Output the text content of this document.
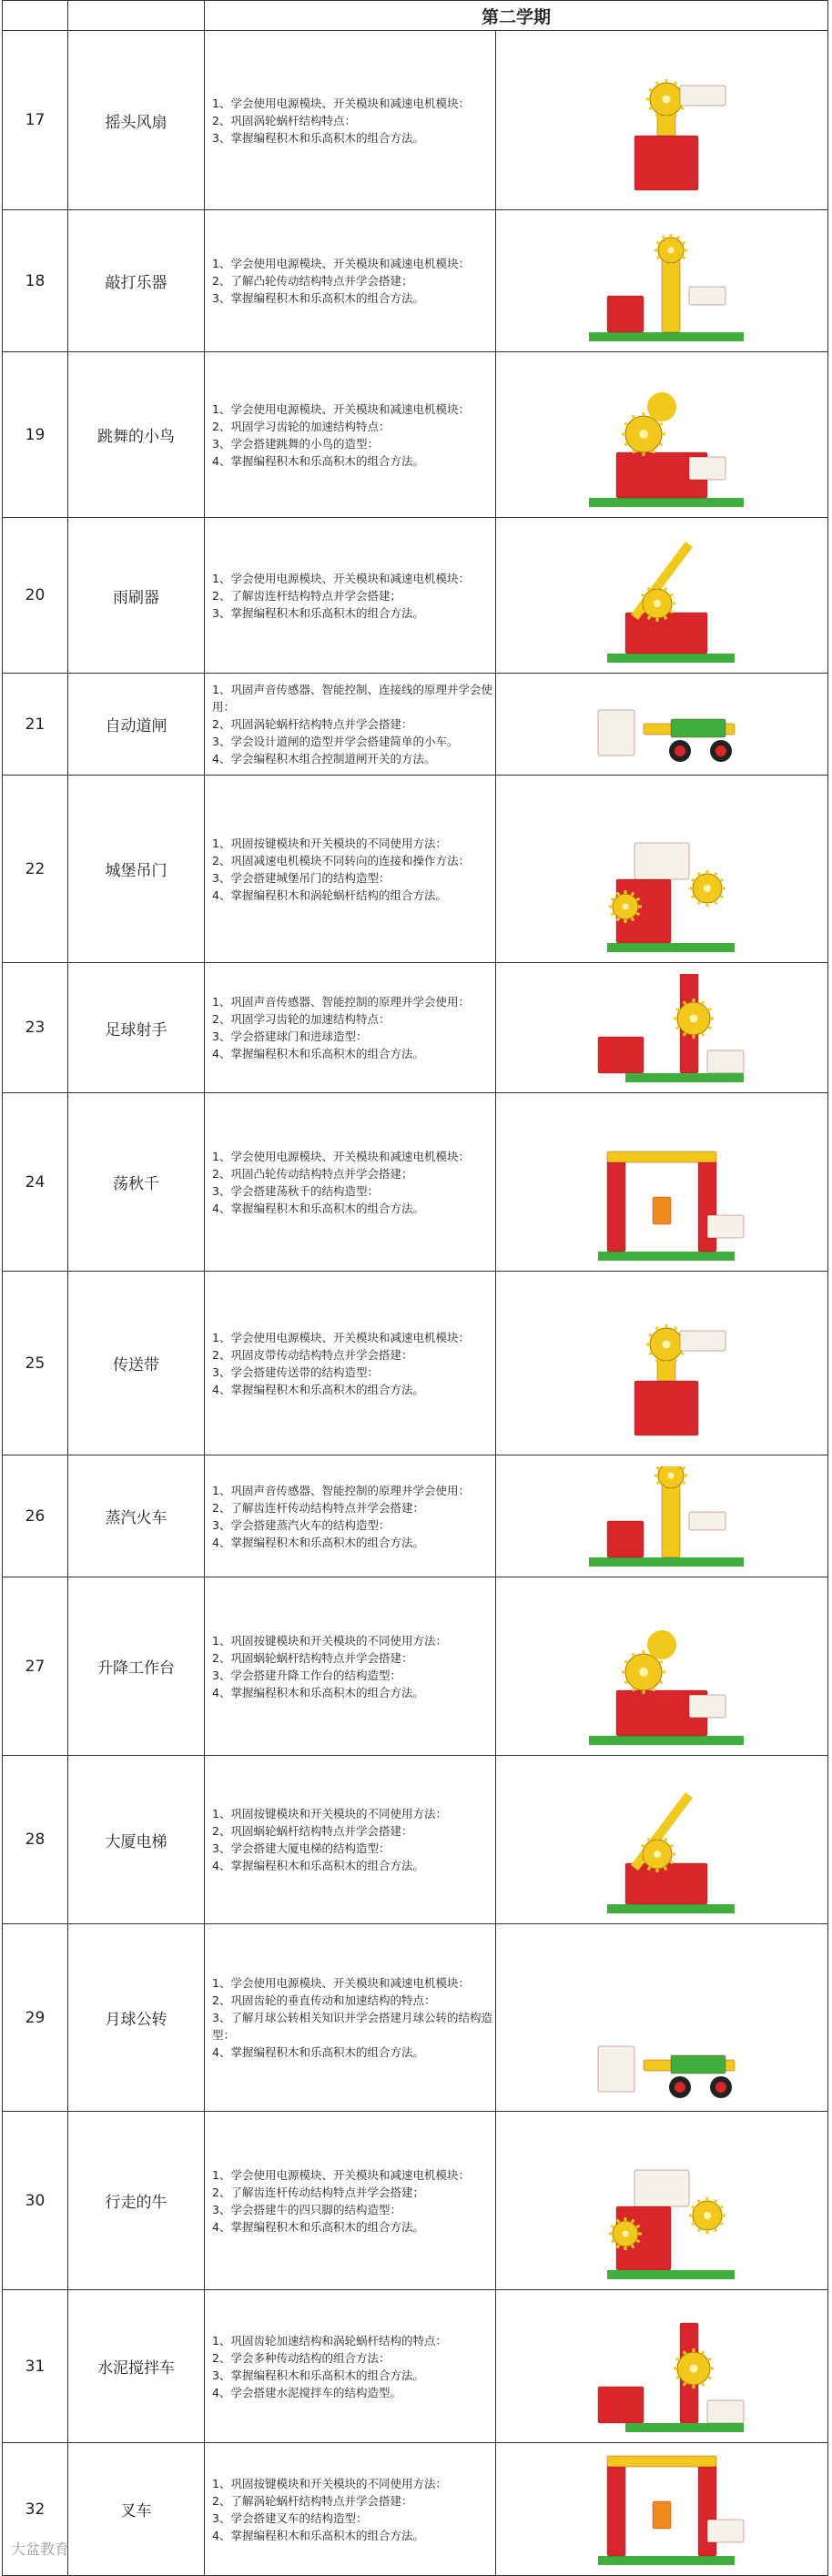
		第二学期	
17	摇头风扇	1、学会使用电源模块、开关模块和减速电机模块：
2、巩固涡轮蜗杆结构特点：
3、掌握编程积木和乐高积木的组合方法。

18	敲打乐器	1、学会使用电源模块、开关模块和减速电机模块：
2、了解凸轮传动结构特点并学会搭建；
3、掌握编程积木和乐高积木的组合方法。

19	跳舞的小鸟	1、学会使用电源模块、开关模块和减速电机模块：
2、巩固学习齿轮的加速结构特点：
3、学会搭建跳舞的小鸟的造型：
4、掌握编程积木和乐高积木的组合方法。

20	雨刷器	1、学会使用电源模块、开关模块和减速电机模块：
2、了解齿连杆结构特点并学会搭建；
3、掌握编程积木和乐高积木的组合方法。

21	自动道闸	1、巩固声音传感器、智能控制、连接线的原理并学会使用：
2、巩固涡轮蜗杆结构特点并学会搭建：
3、学会设计道闸的造型并学会搭建简单的小车。
4、学会编程积木组合控制道闸开关的方法。

22	城堡吊门	1、巩固按键模块和开关模块的不同使用方法：
2、巩固减速电机模块不同转向的连接和操作方法：
3、学会搭建城堡吊门的结构造型：
4、掌握编程积木和涡轮蜗杆结构的组合方法。

23	足球射手	1、巩固声音传感器、智能控制的原理并学会使用：
2、巩固学习齿轮的加速结构特点：
3、学会搭建球门和进球造型：
4、掌握编程积木和乐高积木的组合方法。

24	荡秋千	1、学会使用电源模块、开关模块和减速电机模块：
2、巩固凸轮传动结构特点并学会搭建；
3、学会搭建荡秋千的结构造型：
4、掌握编程积木和乐高积木的组合方法。

25	传送带	1、学会使用电源模块、开关模块和减速电机模块：
2、巩固皮带传动结构特点并学会搭建：
3、学会搭建传送带的结构造型：
4、掌握编程积木和乐高积木的组合方法。

26	蒸汽火车	1、巩固声音传感器、智能控制的原理并学会使用：
2、了解齿连杆传动结构特点并学会搭建：
3、学会搭建蒸汽火车的结构造型：
4、掌握编程积木和乐高积木的组合方法。

27	升降工作台	1、巩固按键模块和开关模块的不同使用方法：
2、巩固蜗轮蜗杆结构特点并学会搭建：
3、学会搭建升降工作台的结构造型：
4、掌握编程积木和乐高积木的组合方法。

28	大厦电梯	1、巩固按键模块和开关模块的不同使用方法：
2、巩固蜗轮蜗杆结构特点并学会搭建：
3、学会搭建大厦电梯的结构造型：
4、掌握编程积木和乐高积木的组合方法。

29	月球公转	1、学会使用电源模块、开关模块和减速电机模块：
2、巩固齿轮的垂直传动和加速结构的特点：
3、了解月球公转相关知识并学会搭建月球公转的结构造型：
4、掌握编程积木和乐高积木的组合方法。

30	行走的牛	1、学会使用电源模块、开关模块和减速电机模块：
2、了解齿连杆传动结构特点并学会搭建；
3、学会搭建牛的四只脚的结构造型：
4、掌握编程积木和乐高积木的组合方法。

31	水泥搅拌车	1、巩固齿轮加速结构和涡轮蜗杆结构的特点：
2、学会多种传动结构的组合方法：
3、掌握编程积木和乐高积木的组合方法。
4、学会搭建水泥搅拌车的结构造型。

32	叉车	1、巩固按键模块和开关模块的不同使用方法：
2、了解涡轮蜗杆结构特点并学会搭建：
3、学会搭建叉车的结构造型：
4、掌握编程积木和乐高积木的组合方法。

大盆教育
